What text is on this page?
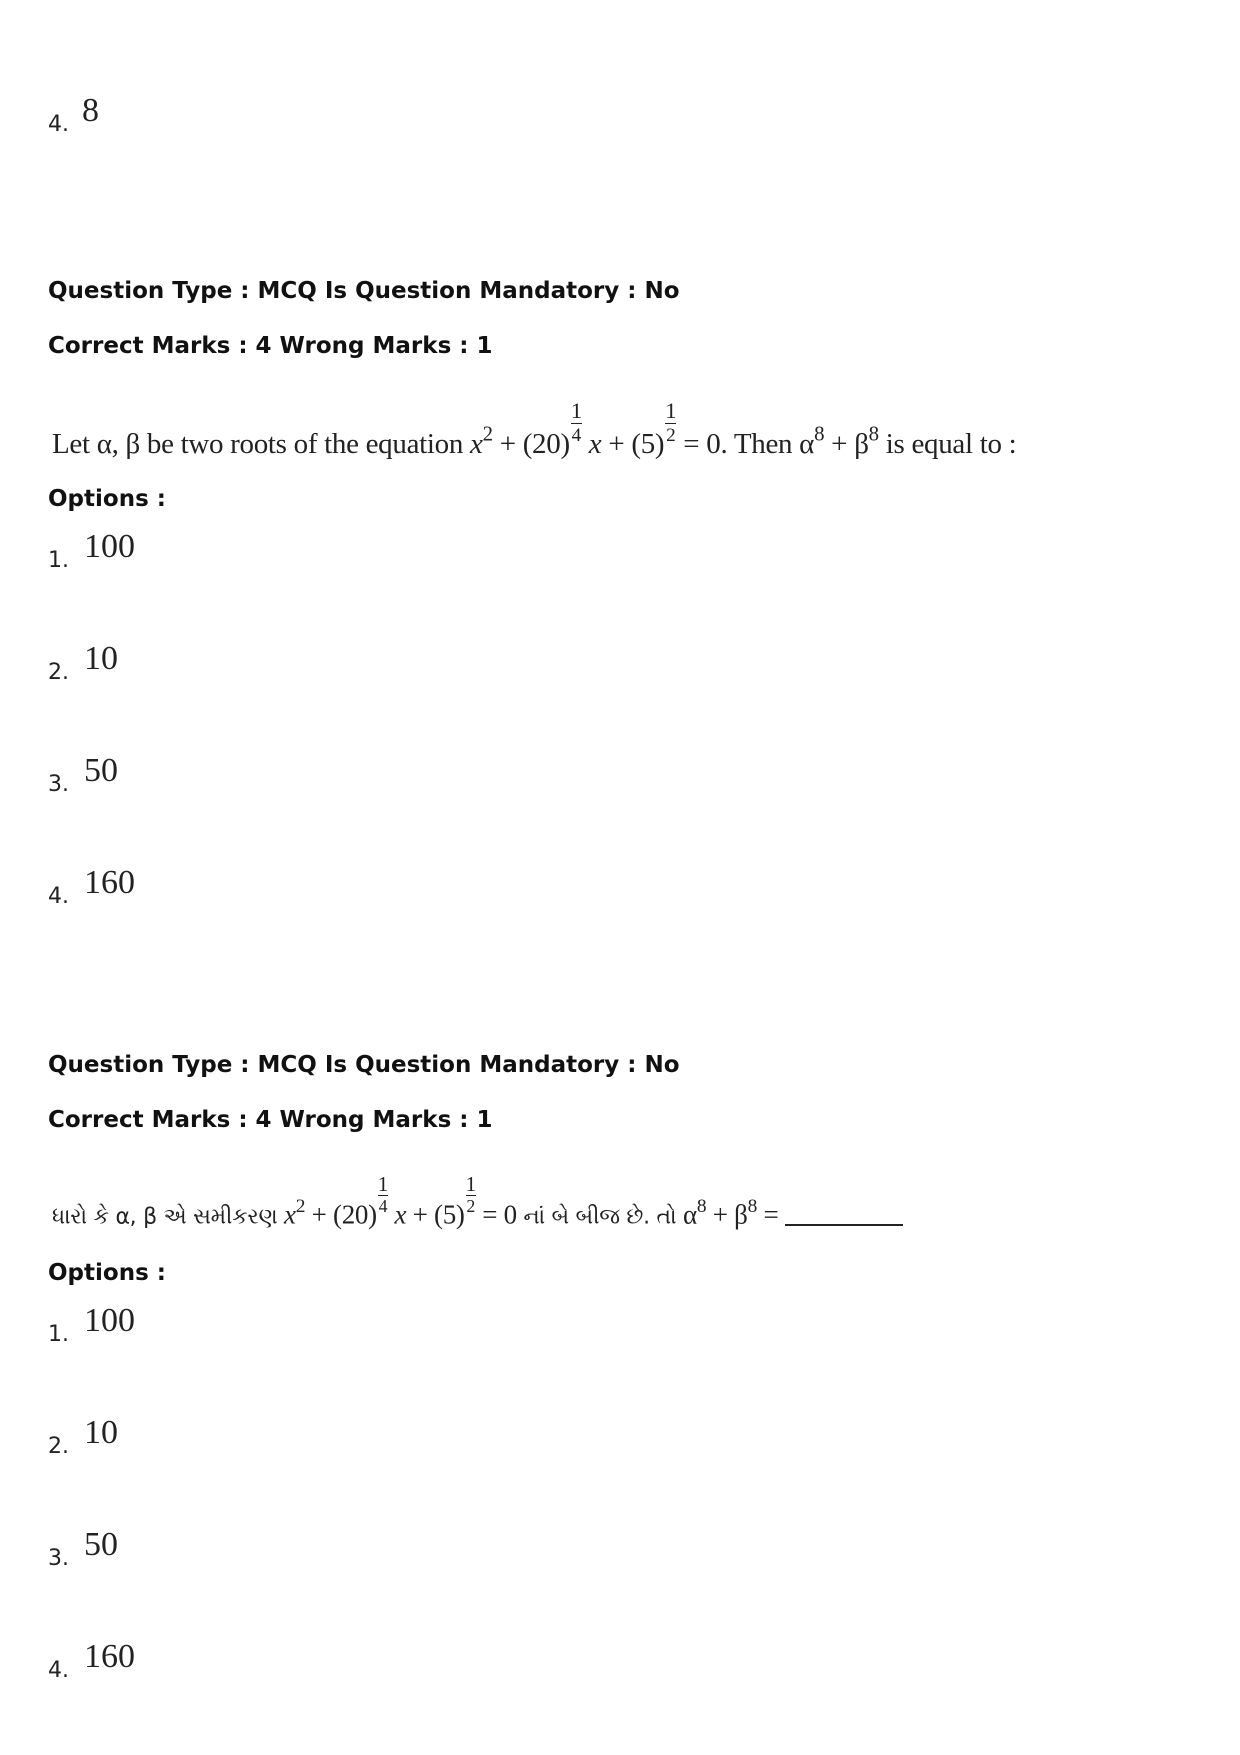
4. 8
Question Type : MCQ Is Question Mandatory : No
Correct Marks : 4 Wrong Marks : 1
Let α, β be two roots of the equation $x^2 + (20) \frac{1}{4}$ $x + (5) \frac{1}{2} = 0$. Then $\alpha^8 + \beta^8$ is equal to :
Options :
1. 100
2. 10
3. 50
4. 160
Question Type : MCQ Is Question Mandatory : No
Correct Marks : 4 Wrong Marks : 1
ધારો કે α, β એ સમીકરણ $x^2 + (20) \frac{1}{4}$ $x + (5) \frac{1}{2} = 0$ નાં બે બીજ છે. તો $\alpha^8 + \beta^8$ =
Options :
1. 100
2. 10
3. 50
4. 160
